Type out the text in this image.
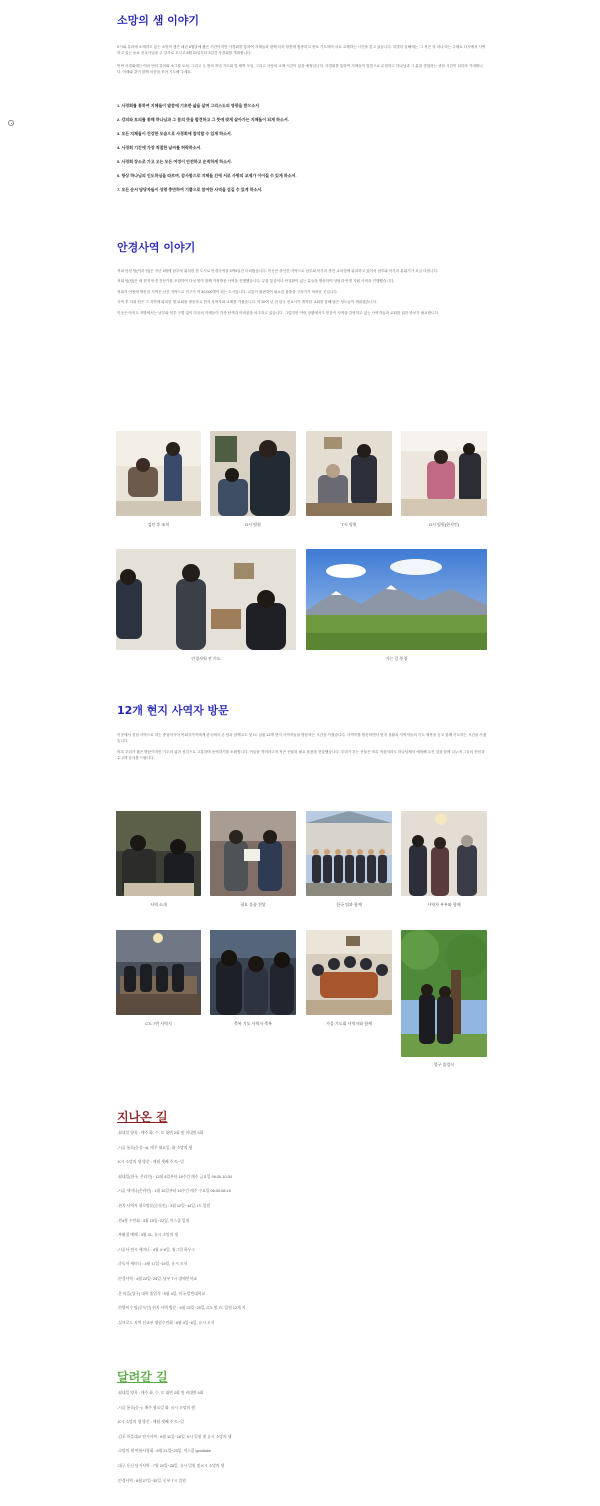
소망의 샘 이야기

K시와 유리에 소재하고 있는 소망의 샘은 매년 6월말에 짧은 기간이지만 사경회를 통하여 지체들과 함께 더욱 말씀에 집중하고 중보 기도하며 서로 교제하는 시간을 갖고 있습니다. 특별히 올해에는 '그 작은 자 하나'라는 주제로 다시에서 사역하고 있는 동료 선교사님을 주 강사로 모시고 6월 21일부터 3일간 사경회를 개최합니다.

이번 사경회에는 여러 번의 강의와 소그룹 토의, 그리고 두 번의 저녁 기도회 및 새벽 모임, 그리고 사랑의 교제 시간이 있을 예정입니다. 사경회를 통하여 지체들이 말씀으로 무장하고 하나님과 그 분을 경험하는 귀한 시간이 되리라 기대합니다. 아래와 같이 함께 마음을 모아 기도해 주세요.

1. 사경회를 통하여 지체들이 말씀에 기초한 삶을 살며 그리스도의 영광을 받으소서
2. 강의와 토의를 통해 하나님과 그 분의 뜻을 발견하고 그 뜻에 맞게 살아가는 지체들이 되게 하소서.
3. 모든 지체들이 건강한 모습으로 사경회에 참석할 수 있게 하소서.
4. 사경회 기간에 가장 적절한 날씨를 허락하소서.
5. 사경회 장소로 가고 오는 모든 여정이 안전하고 순적하게 하소서.
6. 항상 하나님의 인도하심을 따르며, 감사함으로 지체들 간에 서로 사랑의 교제가 이어질 수 있게 하소서.
7. 모든 순서 담당자들이 성령 충만하여 기쁨으로 참여한 사역을 섬길 수 있게 하소서.
안경사역 이야기

저희 안경 팀(이하 팀)은 지난 4월에 남부에 위치한 한 도시로 안경사역을 3박4일간 다녀왔습니다. 이곳은 중산간 지역으로 남부와 북부의 중간 교차점에 위치하고 있어서 남부와 북부의 분위기가 조금 다릅니다.

저희 팀(팀)은 새 현지 안경 전문가를 포함하여 다섯 명이 함께 가정방문 사역을 진행했습니다. 무릎 통증이나 안질환이 있는 분들을 방문하여 상담과 안경 지원 사역을 진행했습니다.

저희가 이번에 방문한 지역은 산간 지역으로 인구가 약 40,000명이 되는 도시입니다. 교통이 불편하여 필요한 물품을 구하기가 어려운 곳입니다.

사역 후 저희 팀은 그 지역에 위치한 몇 교회를 방문하고 현지 사역자와 교제를 가졌습니다. 약 20여 년 전 한국 선교사가 개척한 교회를 통해 많은 성도들이 세워졌습니다.

이곳은 아직도 지방에서는 남부와 북부 구별 없이 다음의 지체들이 각종 탐색과 어려움을 마주하고 있습니다. 그렇지만 이런 상황에서도 믿음이 사역을 감당하고 있는 사역자들과 교회를 위한 중보가 필요합니다.

검안 후 조치	O시 팀원	T시 팀원	O시 팀원(현지인)
안경사역 전 기도	가는 길 풍경
12개 현지 사역자 방문

이곳에서 경험 사역으로 하는 중앙아시아 목회자가족에게 한국에서 온 팀과 함께 C도 및 I도 일원 12개 현지 사역자들을 방문하는 시간을 가졌습니다. 사역자를 방문하면서 현지 상황과 사역자들의 기도 제목을 듣고 함께 기도하는 시간을 가졌습니다.

비록 우리가 짧은 방문이지만 기도의 삶과 섬김으로 고통하며 동역하기를 소원합니다. 이들을 격려하고자 작은 선물과 필요 물품을 전달했습니다. 우리가 우는 선물은 비록 적을지라도 하나님께서 예비해 주신 것을 함께 나누며 그들의 헌신과 수고에 감사를 드립니다.

사역 소개	필요 물품 전달	한국 팀과 함께	사역자 부부와 함께
C도 7번 사역지	축복 기도 사역자 축복	가을 기도회 사역자와 함께
성구 졸업식
지나온 길
-월대일 양육 : 매주 화, 수, 토 대면 2회 및 비대면 5회
-시골 통독(동상~4): 매주 월요일, 화 소망의 샘
-K시 소망의 샘 방문 : 매월 셋째 주 토~일
-월대일(한국, 온라인) : 12월 8일부터 18주간 매주 금요일 06:30-10:30
-시골 세미나(온라인) : 1월 10일부터 10주간 매주 수요일 06:30-08:15
-현지 사역자 위로방문(중독인) : 3월 12일~14일, I도 일원
-전4형 수련회 : 3월 19일~22일, 이스쿨 일원
-부활절 예배 : 3월 31, 유시 소망의 샘
-시골사 연시 세미나 : 4월 4~6일, 월그림 하우스
-중독자 세미나 : 4월 17일~19일, 유시 오저
-안경사역 : 4월 22일~25일, 남부 T시 장애인학교
-온 마을(성구) 대학 졸업식 : 5월 4일, 미국 칼빈대학교
-안양비수 팀(중독인) 현지 사역 방문 : 5월 23일~25일, C도 및 I도 일원 12개 지
-실크로드 지역 선교부 영원수련회 : 6월 4일~6일, 유시 오저
달려갈 길
-월대일 양육 : 매주 화, 수, 토 대면 2회 및 비대면 5회
-시골 통독(동~): 매주 월요일 화, 유시 소망의 샘
-K시 소망의 샘 방문 : 매월 셋째 주 토~일
-김포 마을대교 단기사역 : 6월 11일~16일, K시 일원 및 유시 소망의 샘
-소망의 샘 여름사경회 : 6월 21일~23일, 이스쿨 goodlake
-대구 동신 단기사역 : 7월 20일~28일, 유시 일원 및 K시 소망의 샘
-안경사역 : 8월 27일~30일, 동부 T시 일원
